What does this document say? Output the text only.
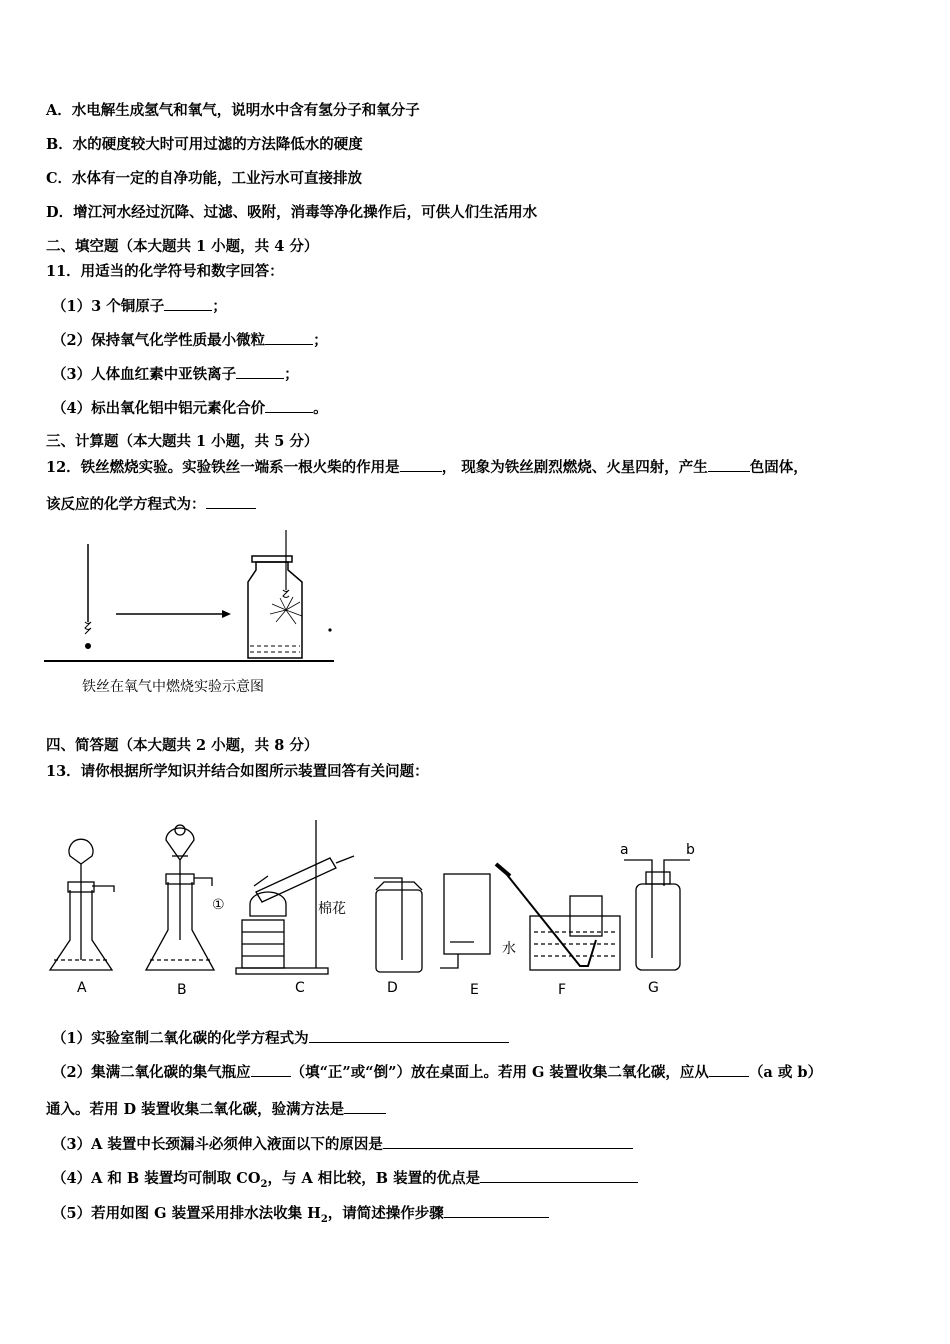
A．水电解生成氢气和氧气，说明水中含有氢分子和氧分子
B．水的硬度较大时可用过滤的方法降低水的硬度
C．水体有一定的自净功能，工业污水可直接排放
D．增江河水经过沉降、过滤、吸附，消毒等净化操作后，可供人们生活用水
二、填空题（本大题共 1 小题，共 4 分）
11．用适当的化学符号和数字回答：
（1）3 个铜原子	；
（2）保持氧气化学性质最小微粒	；
（3）人体血红素中亚铁离子	；
（4）标出氧化铝中铝元素化合价	。
三、计算题（本大题共 1 小题，共 5 分）
12．铁丝燃烧实验。实验铁丝一端系一根火柴的作用是	， 现象为铁丝剧烈燃烧、火星四射，产生	色固体，
该反应的化学方程式为：
铁丝在氧气中燃烧实验示意图
四、简答题（本大题共 2 小题，共 8 分）
13．请你根据所学知识并结合如图所示装置回答有关问题：
①	棉花
水
a	b
A	B	C	D	E	F	G
（1）实验室制二氧化碳的化学方程式为
（2）集满二氧化碳的集气瓶应	（填“正”或“倒”）放在桌面上。若用 G 装置收集二氧化碳，应从	（a 或 b）
通入。若用 D 装置收集二氧化碳，验满方法是
（3）A 装置中长颈漏斗必须伸入液面以下的原因是
（4）A 和 B 装置均可制取 $CO_2$，与 A 相比较，B 装置的优点是
（5）若用如图 G 装置采用排水法收集 $H_2$，请简述操作步骤
